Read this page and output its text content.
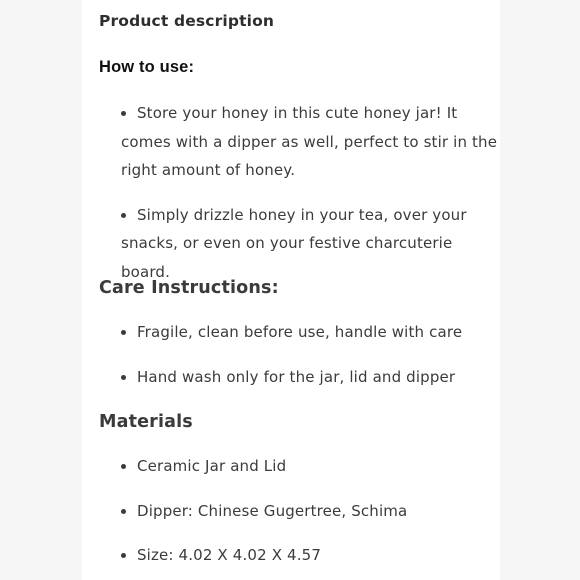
Product description
How to use:
Store your honey in this cute honey jar! It comes with a dipper as well, perfect to stir in the right amount of honey.
Simply drizzle honey in your tea, over your snacks, or even on your festive charcuterie board.
Care Instructions:
Fragile, clean before use, handle with care
Hand wash only for the jar, lid and dipper
Materials
Ceramic Jar and Lid
Dipper: Chinese Gugertree, Schima
Size: 4.02 X 4.02 X 4.57
